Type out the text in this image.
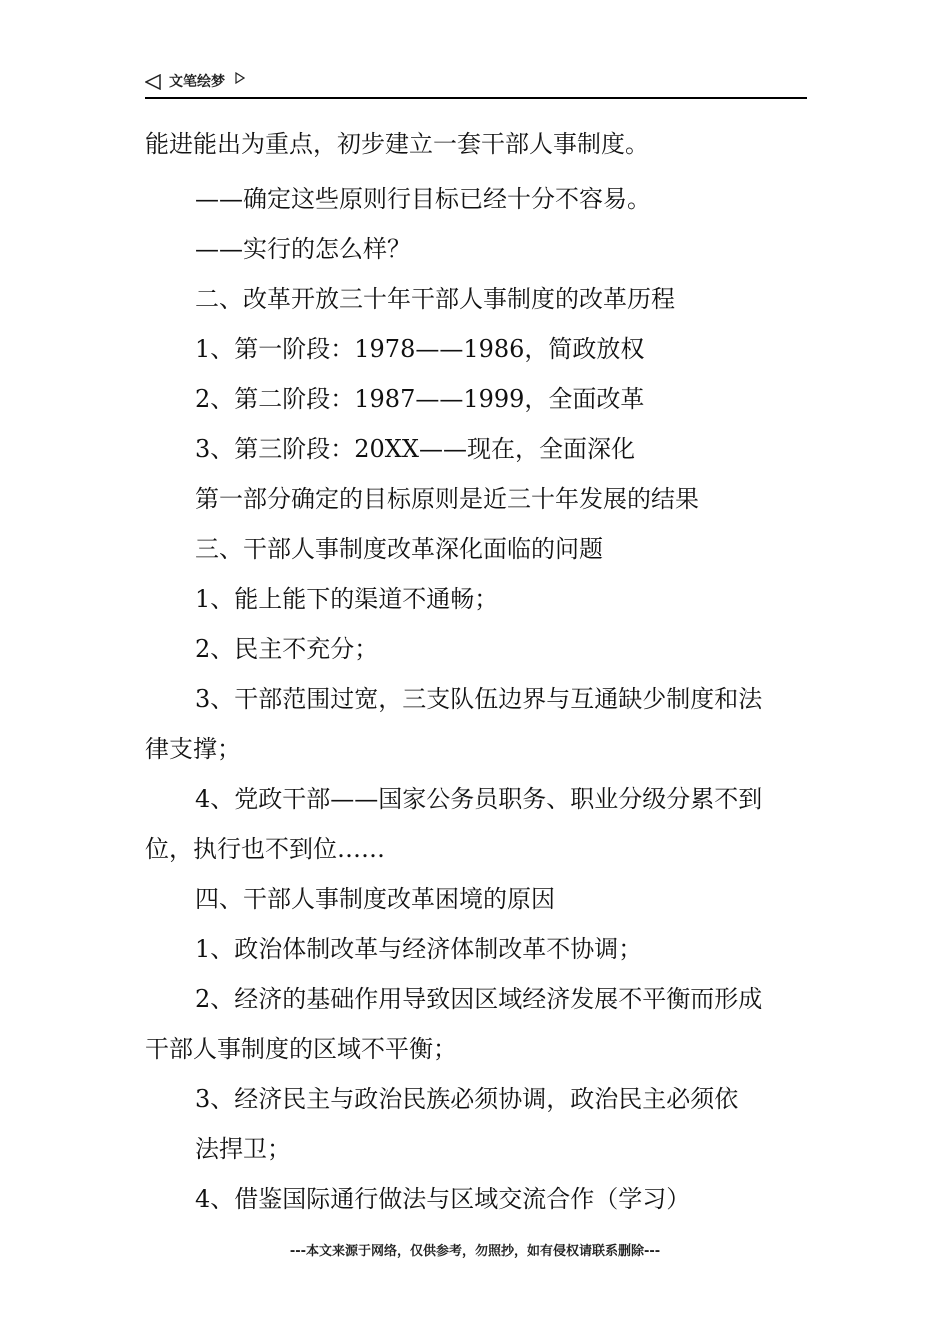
文笔绘梦
能进能出为重点，初步建立一套干部人事制度。
——确定这些原则行目标已经十分不容易。
——实行的怎么样？
二、改革开放三十年干部人事制度的改革历程
1、第一阶段：1978——1986，简政放权
2、第二阶段：1987——1999，全面改革
3、第三阶段：20XX——现在，全面深化
第一部分确定的目标原则是近三十年发展的结果
三、干部人事制度改革深化面临的问题
1、能上能下的渠道不通畅；
2、民主不充分；
3、干部范围过宽，三支队伍边界与互通缺少制度和法
律支撑；
4、党政干部——国家公务员职务、职业分级分累不到
位，执行也不到位……
四、干部人事制度改革困境的原因
1、政治体制改革与经济体制改革不协调；
2、经济的基础作用导致因区域经济发展不平衡而形成
干部人事制度的区域不平衡；
3、经济民主与政治民族必须协调，政治民主必须依
法捍卫；
4、借鉴国际通行做法与区域交流合作（学习）
---本文来源于网络，仅供参考，勿照抄，如有侵权请联系删除---
